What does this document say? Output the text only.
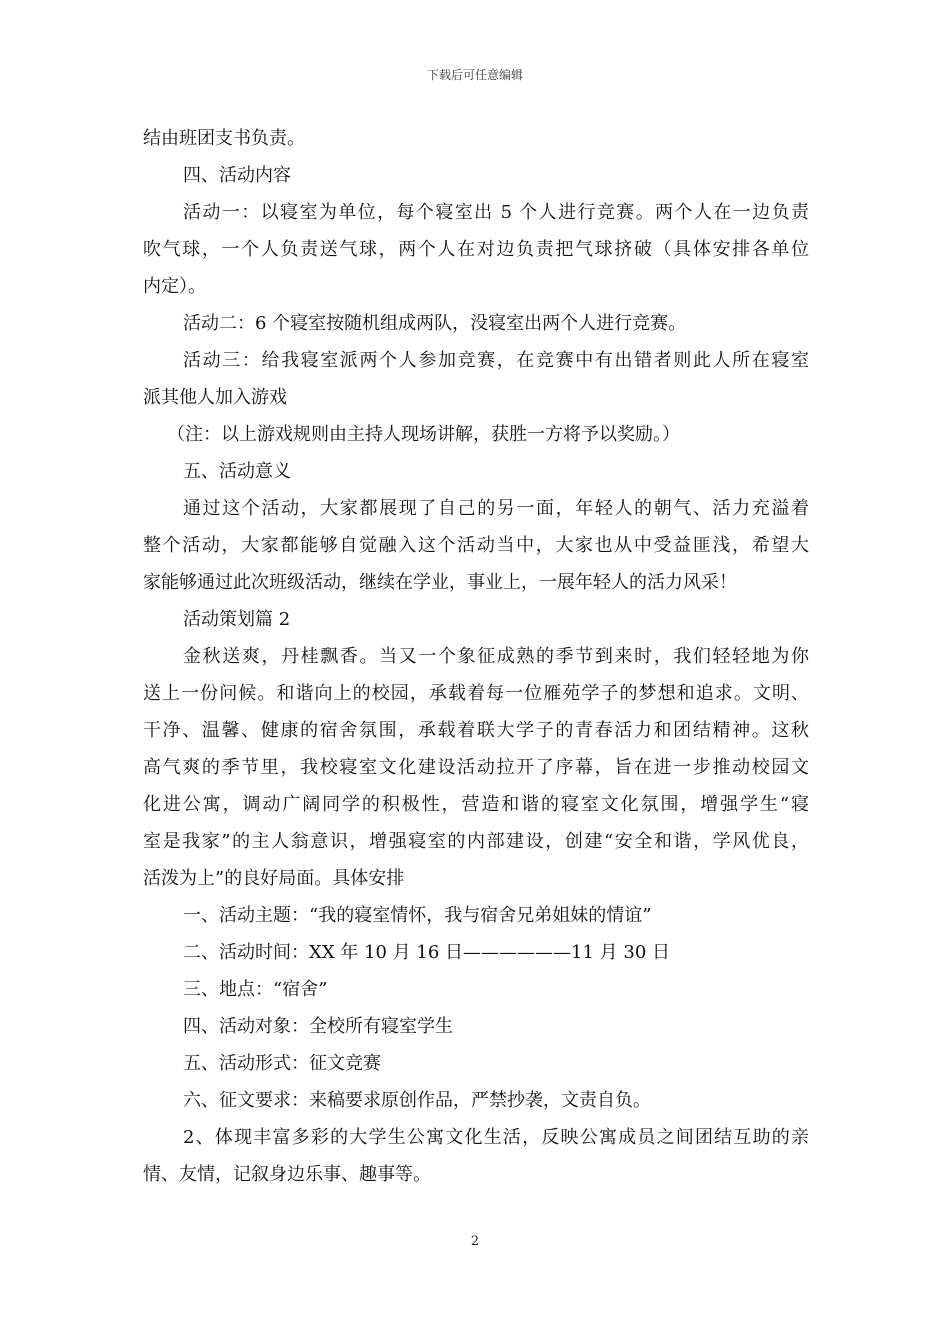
下载后可任意编辑
结由班团支书负责。
四、活动内容
活动一：以寝室为单位，每个寝室出 5 个人进行竞赛。两个人在一边负责
吹气球，一个人负责送气球，两个人在对边负责把气球挤破（具体安排各单位
内定）。
活动二：6 个寝室按随机组成两队，没寝室出两个人进行竞赛。
活动三：给我寝室派两个人参加竞赛，在竞赛中有出错者则此人所在寝室
派其他人加入游戏
（注：以上游戏规则由主持人现场讲解，获胜一方将予以奖励。）
五、活动意义
通过这个活动，大家都展现了自己的另一面，年轻人的朝气、活力充溢着
整个活动，大家都能够自觉融入这个活动当中，大家也从中受益匪浅，希望大
家能够通过此次班级活动，继续在学业，事业上，一展年轻人的活力风采！
活动策划篇 2
金秋送爽，丹桂飘香。当又一个象征成熟的季节到来时，我们轻轻地为你
送上一份问候。和谐向上的校园，承载着每一位雁苑学子的梦想和追求。文明、
干净、温馨、健康的宿舍氛围，承载着联大学子的青春活力和团结精神。这秋
高气爽的季节里，我校寝室文化建设活动拉开了序幕，旨在进一步推动校园文
化进公寓，调动广阔同学的积极性，营造和谐的寝室文化氛围，增强学生“寝
室是我家”的主人翁意识，增强寝室的内部建设，创建“安全和谐，学风优良，
活泼为上”的良好局面。具体安排
一、活动主题：“我的寝室情怀，我与宿舍兄弟姐妹的情谊”
二、活动时间：XX 年 10 月 16 日——————11 月 30 日
三、地点：“宿舍”
四、活动对象：全校所有寝室学生
五、活动形式：征文竞赛
六、征文要求：来稿要求原创作品，严禁抄袭，文责自负。
2、体现丰富多彩的大学生公寓文化生活，反映公寓成员之间团结互助的亲
情、友情，记叙身边乐事、趣事等。
2
